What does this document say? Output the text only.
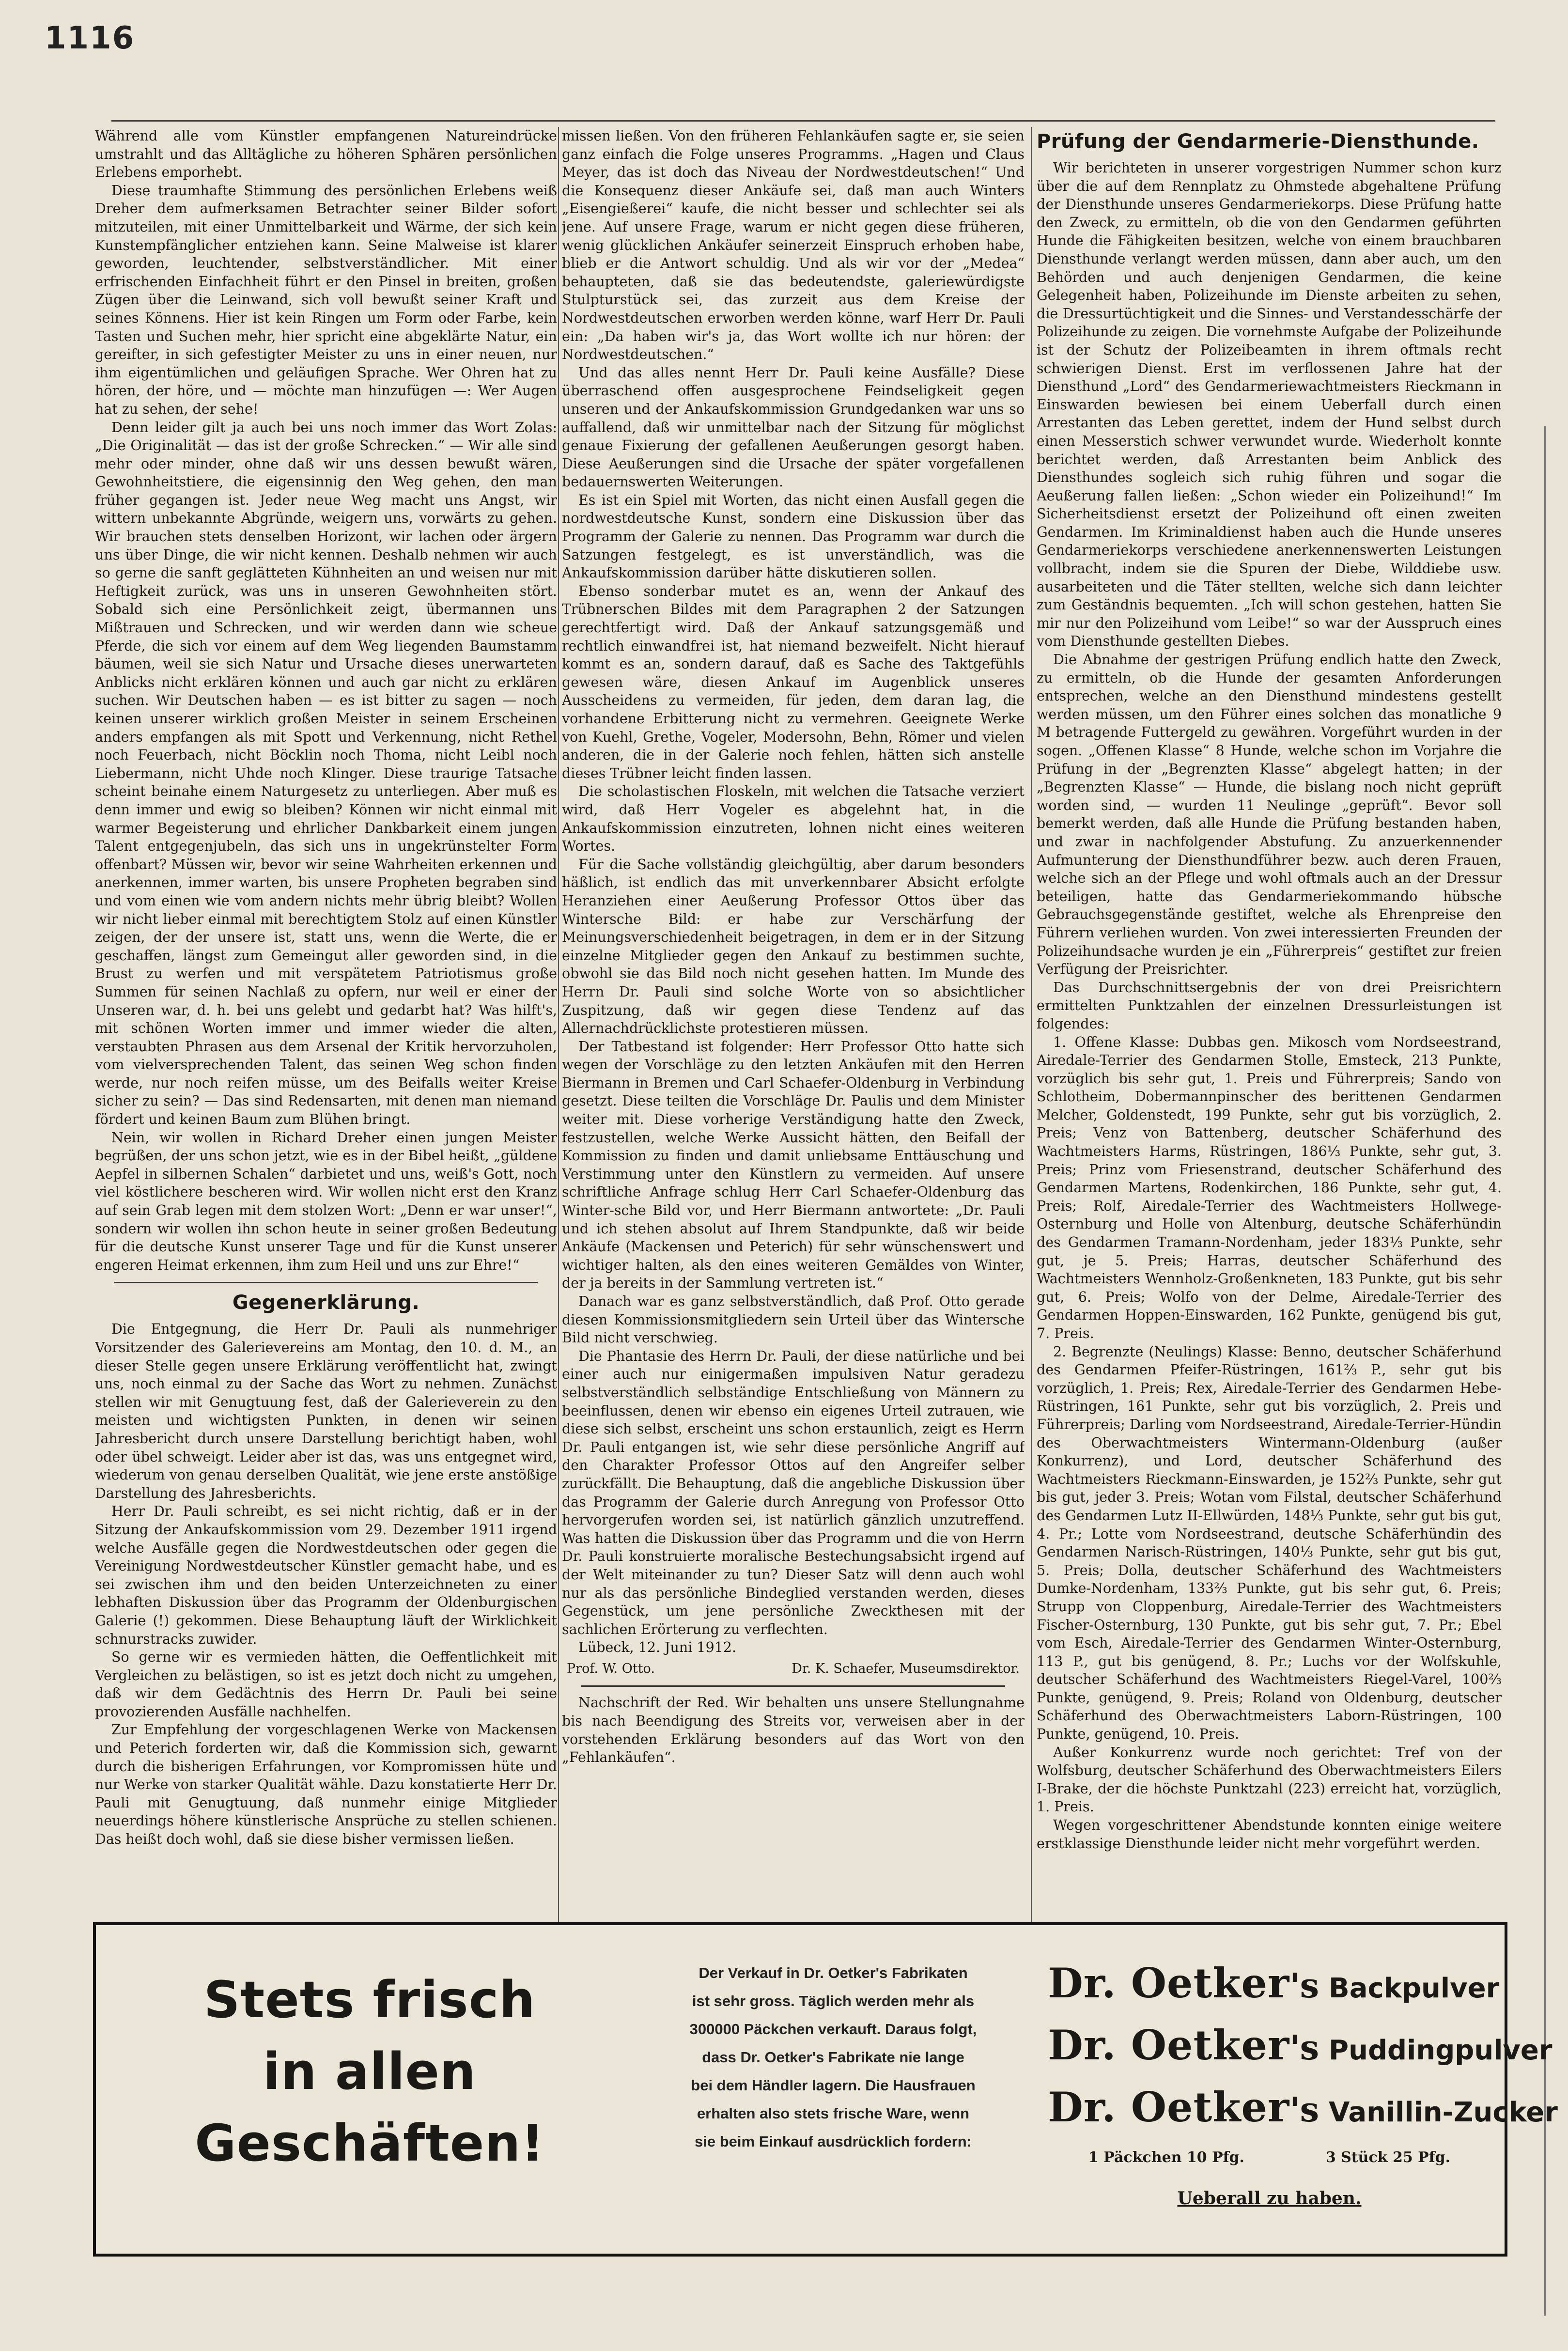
1116

Während alle vom Künstler empfangenen Natureindrücke umstrahlt und das Alltägliche zu höheren Sphären persönlichen Erlebens emporhebt.

Diese traumhafte Stimmung des persönlichen Erlebens weiß Dreher dem aufmerksamen Betrachter seiner Bilder sofort mitzuteilen, mit einer Unmittelbarkeit und Wärme, der sich kein Kunstempfänglicher entziehen kann. Seine Malweise ist klarer geworden, leuchtender, selbstverständlicher. Mit einer erfrischenden Einfachheit führt er den Pinsel in breiten, großen Zügen über die Leinwand, sich voll bewußt seiner Kraft und seines Könnens. Hier ist kein Ringen um Form oder Farbe, kein Tasten und Suchen mehr, hier spricht eine abgeklärte Natur, ein gereifter, in sich gefestigter Meister zu uns in einer neuen, nur ihm eigentümlichen und geläufigen Sprache. Wer Ohren hat zu hören, der höre, und — möchte man hinzufügen —: Wer Augen hat zu sehen, der sehe!

Denn leider gilt ja auch bei uns noch immer das Wort Zolas: „Die Originalität — das ist der große Schrecken.“ — Wir alle sind mehr oder minder, ohne daß wir uns dessen bewußt wären, Gewohnheitstiere, die eigensinnig den Weg gehen, den man früher gegangen ist. Jeder neue Weg macht uns Angst, wir wittern unbekannte Abgründe, weigern uns, vorwärts zu gehen. Wir brauchen stets denselben Horizont, wir lachen oder ärgern uns über Dinge, die wir nicht kennen. Deshalb nehmen wir auch so gerne die sanft geglätteten Kühnheiten an und weisen nur mit Heftigkeit zurück, was uns in unseren Gewohnheiten stört. Sobald sich eine Persönlichkeit zeigt, übermannen uns Mißtrauen und Schrecken, und wir werden dann wie scheue Pferde, die sich vor einem auf dem Weg liegenden Baumstamm bäumen, weil sie sich Natur und Ursache dieses unerwarteten Anblicks nicht erklären können und auch gar nicht zu erklären suchen. Wir Deutschen haben — es ist bitter zu sagen — noch keinen unserer wirklich großen Meister in seinem Erscheinen anders empfangen als mit Spott und Verkennung, nicht Rethel noch Feuerbach, nicht Böcklin noch Thoma, nicht Leibl noch Liebermann, nicht Uhde noch Klinger. Diese traurige Tatsache scheint beinahe einem Naturgesetz zu unterliegen. Aber muß es denn immer und ewig so bleiben? Können wir nicht einmal mit warmer Begeisterung und ehrlicher Dankbarkeit einem jungen Talent entgegenjubeln, das sich uns in ungekrünstelter Form offenbart? Müssen wir, bevor wir seine Wahrheiten erkennen und anerkennen, immer warten, bis unsere Propheten begraben sind und vom einen wie vom andern nichts mehr übrig bleibt? Wollen wir nicht lieber einmal mit berechtigtem Stolz auf einen Künstler zeigen, der der unsere ist, statt uns, wenn die Werte, die er geschaffen, längst zum Gemeingut aller geworden sind, in die Brust zu werfen und mit verspätetem Patriotismus große Summen für seinen Nachlaß zu opfern, nur weil er einer der Unseren war, d. h. bei uns gelebt und gedarbt hat? Was hilft's, mit schönen Worten immer und immer wieder die alten, verstaubten Phrasen aus dem Arsenal der Kritik hervorzuholen, vom vielversprechenden Talent, das seinen Weg schon finden werde, nur noch reifen müsse, um des Beifalls weiter Kreise sicher zu sein? — Das sind Redensarten, mit denen man niemand fördert und keinen Baum zum Blühen bringt.

Nein, wir wollen in Richard Dreher einen jungen Meister begrüßen, der uns schon jetzt, wie es in der Bibel heißt, „güldene Aepfel in silbernen Schalen“ darbietet und uns, weiß's Gott, noch viel köstlichere bescheren wird. Wir wollen nicht erst den Kranz auf sein Grab legen mit dem stolzen Wort: „Denn er war unser!“, sondern wir wollen ihn schon heute in seiner großen Bedeutung für die deutsche Kunst unserer Tage und für die Kunst unserer engeren Heimat erkennen, ihm zum Heil und uns zur Ehre!“

Gegenerklärung.

Die Entgegnung, die Herr Dr. Pauli als nunmehriger Vorsitzender des Galerievereins am Montag, den 10. d. M., an dieser Stelle gegen unsere Erklärung veröffentlicht hat, zwingt uns, noch einmal zu der Sache das Wort zu nehmen. Zunächst stellen wir mit Genugtuung fest, daß der Galerieverein zu den meisten und wichtigsten Punkten, in denen wir seinen Jahresbericht durch unsere Darstellung berichtigt haben, wohl oder übel schweigt. Leider aber ist das, was uns entgegnet wird, wiederum von genau derselben Qualität, wie jene erste anstößige Darstellung des Jahresberichts.

Herr Dr. Pauli schreibt, es sei nicht richtig, daß er in der Sitzung der Ankaufskommission vom 29. Dezember 1911 irgend welche Ausfälle gegen die Nordwestdeutschen oder gegen die Vereinigung Nordwestdeutscher Künstler gemacht habe, und es sei zwischen ihm und den beiden Unterzeichneten zu einer lebhaften Diskussion über das Programm der Oldenburgischen Galerie (!) gekommen. Diese Behauptung läuft der Wirklichkeit schnurstracks zuwider.

So gerne wir es vermieden hätten, die Oeffentlichkeit mit Vergleichen zu belästigen, so ist es jetzt doch nicht zu umgehen, daß wir dem Gedächtnis des Herrn Dr. Pauli bei seine provozierenden Ausfälle nachhelfen.

Zur Empfehlung der vorgeschlagenen Werke von Mackensen und Peterich forderten wir, daß die Kommission sich, gewarnt durch die bisherigen Erfahrungen, vor Kompromissen hüte und nur Werke von starker Qualität wähle. Dazu konstatierte Herr Dr. Pauli mit Genugtuung, daß nunmehr einige Mitglieder neuerdings höhere künstlerische Ansprüche zu stellen schienen. Das heißt doch wohl, daß sie diese bisher vermissen ließen.

missen ließen. Von den früheren Fehlankäufen sagte er, sie seien ganz einfach die Folge unseres Programms. „Hagen und Claus Meyer, das ist doch das Niveau der Nordwestdeutschen!“ Und die Konsequenz dieser Ankäufe sei, daß man auch Winters „Eisengießerei“ kaufe, die nicht besser und schlechter sei als jene. Auf unsere Frage, warum er nicht gegen diese früheren, wenig glücklichen Ankäufer seinerzeit Einspruch erhoben habe, blieb er die Antwort schuldig. Und als wir vor der „Medea“ behaupteten, daß sie das bedeutendste, galeriewürdigste Stulpturstück sei, das zurzeit aus dem Kreise der Nordwestdeutschen erworben werden könne, warf Herr Dr. Pauli ein: „Da haben wir's ja, das Wort wollte ich nur hören: der Nordwestdeutschen.“

Und das alles nennt Herr Dr. Pauli keine Ausfälle? Diese überraschend offen ausgesprochene Feindseligkeit gegen unseren und der Ankaufskommission Grundgedanken war uns so auffallend, daß wir unmittelbar nach der Sitzung für möglichst genaue Fixierung der gefallenen Aeußerungen gesorgt haben. Diese Aeußerungen sind die Ursache der später vorgefallenen bedauernswerten Weiterungen.

Es ist ein Spiel mit Worten, das nicht einen Ausfall gegen die nordwestdeutsche Kunst, sondern eine Diskussion über das Programm der Galerie zu nennen. Das Programm war durch die Satzungen festgelegt, es ist unverständlich, was die Ankaufskommission darüber hätte diskutieren sollen.

Ebenso sonderbar mutet es an, wenn der Ankauf des Trübnerschen Bildes mit dem Paragraphen 2 der Satzungen gerechtfertigt wird. Daß der Ankauf satzungsgemäß und rechtlich einwandfrei ist, hat niemand bezweifelt. Nicht hierauf kommt es an, sondern darauf, daß es Sache des Taktgefühls gewesen wäre, diesen Ankauf im Augenblick unseres Ausscheidens zu vermeiden, für jeden, dem daran lag, die vorhandene Erbitterung nicht zu vermehren. Geeignete Werke von Kuehl, Grethe, Vogeler, Modersohn, Behn, Römer und vielen anderen, die in der Galerie noch fehlen, hätten sich anstelle dieses Trübner leicht finden lassen.

Die scholastischen Floskeln, mit welchen die Tatsache verziert wird, daß Herr Vogeler es abgelehnt hat, in die Ankaufskommission einzutreten, lohnen nicht eines weiteren Wortes.

Für die Sache vollständig gleichgültig, aber darum besonders häßlich, ist endlich das mit unverkennbarer Absicht erfolgte Heranziehen einer Aeußerung Professor Ottos über das Wintersche Bild: er habe zur Verschärfung der Meinungsverschiedenheit beigetragen, in dem er in der Sitzung einzelne Mitglieder gegen den Ankauf zu bestimmen suchte, obwohl sie das Bild noch nicht gesehen hatten. Im Munde des Herrn Dr. Pauli sind solche Worte von so absichtlicher Zuspitzung, daß wir gegen diese Tendenz auf das Allernachdrücklichste protestieren müssen.

Der Tatbestand ist folgender: Herr Professor Otto hatte sich wegen der Vorschläge zu den letzten Ankäufen mit den Herren Biermann in Bremen und Carl Schaefer-Oldenburg in Verbindung gesetzt. Diese teilten die Vorschläge Dr. Paulis und dem Minister weiter mit. Diese vorherige Verständigung hatte den Zweck, festzustellen, welche Werke Aussicht hätten, den Beifall der Kommission zu finden und damit unliebsame Enttäuschung und Verstimmung unter den Künstlern zu vermeiden. Auf unsere schriftliche Anfrage schlug Herr Carl Schaefer-Oldenburg das Winter-sche Bild vor, und Herr Biermann antwortete: „Dr. Pauli und ich stehen absolut auf Ihrem Standpunkte, daß wir beide Ankäufe (Mackensen und Peterich) für sehr wünschenswert und wichtiger halten, als den eines weiteren Gemäldes von Winter, der ja bereits in der Sammlung vertreten ist.“

Danach war es ganz selbstverständlich, daß Prof. Otto gerade diesen Kommissionsmitgliedern sein Urteil über das Wintersche Bild nicht verschwieg.

Die Phantasie des Herrn Dr. Pauli, der diese natürliche und bei einer auch nur einigermaßen impulsiven Natur geradezu selbstverständlich selbständige Entschließung von Männern zu beeinflussen, denen wir ebenso ein eigenes Urteil zutrauen, wie diese sich selbst, erscheint uns schon erstaunlich, zeigt es Herrn Dr. Pauli entgangen ist, wie sehr diese persönliche Angriff auf den Charakter Professor Ottos auf den Angreifer selber zurückfällt. Die Behauptung, daß die angebliche Diskussion über das Programm der Galerie durch Anregung von Professor Otto hervorgerufen worden sei, ist natürlich gänzlich unzutreffend. Was hatten die Diskussion über das Programm und die von Herrn Dr. Pauli konstruierte moralische Bestechungsabsicht irgend auf der Welt miteinander zu tun? Dieser Satz will denn auch wohl nur als das persönliche Bindeglied verstanden werden, dieses Gegenstück, um jene persönliche Zweckthesen mit der sachlichen Erörterung zu verflechten.

Lübeck, 12. Juni 1912.

Prof. W. Otto.	Dr. K. Schaefer, Museumsdirektor.

Nachschrift der Red. Wir behalten uns unsere Stellungnahme bis nach Beendigung des Streits vor, verweisen aber in der vorstehenden Erklärung besonders auf das Wort von den „Fehlankäufen“.

Prüfung der Gendarmerie-Diensthunde.

Wir berichteten in unserer vorgestrigen Nummer schon kurz über die auf dem Rennplatz zu Ohmstede abgehaltene Prüfung der Diensthunde unseres Gendarmeriekorps. Diese Prüfung hatte den Zweck, zu ermitteln, ob die von den Gendarmen geführten Hunde die Fähigkeiten besitzen, welche von einem brauchbaren Diensthunde verlangt werden müssen, dann aber auch, um den Behörden und auch denjenigen Gendarmen, die keine Gelegenheit haben, Polizeihunde im Dienste arbeiten zu sehen, die Dressurtüchtigkeit und die Sinnes- und Verstandesschärfe der Polizeihunde zu zeigen. Die vornehmste Aufgabe der Polizeihunde ist der Schutz der Polizeibeamten in ihrem oftmals recht schwierigen Dienst. Erst im verflossenen Jahre hat der Diensthund „Lord“ des Gendarmeriewachtmeisters Rieckmann in Einswarden bewiesen bei einem Ueberfall durch einen Arrestanten das Leben gerettet, indem der Hund selbst durch einen Messerstich schwer verwundet wurde. Wiederholt konnte berichtet werden, daß Arrestanten beim Anblick des Diensthundes sogleich sich ruhig führen und sogar die Aeußerung fallen ließen: „Schon wieder ein Polizeihund!“ Im Sicherheitsdienst ersetzt der Polizeihund oft einen zweiten Gendarmen. Im Kriminaldienst haben auch die Hunde unseres Gendarmeriekorps verschiedene anerkennenswerten Leistungen vollbracht, indem sie die Spuren der Diebe, Wilddiebe usw. ausarbeiteten und die Täter stellten, welche sich dann leichter zum Geständnis bequemten. „Ich will schon gestehen, hatten Sie mir nur den Polizeihund vom Leibe!“ so war der Ausspruch eines vom Diensthunde gestellten Diebes.

Die Abnahme der gestrigen Prüfung endlich hatte den Zweck, zu ermitteln, ob die Hunde der gesamten Anforderungen entsprechen, welche an den Diensthund mindestens gestellt werden müssen, um den Führer eines solchen das monatliche 9 M betragende Futtergeld zu gewähren. Vorgeführt wurden in der sogen. „Offenen Klasse“ 8 Hunde, welche schon im Vorjahre die Prüfung in der „Begrenzten Klasse“ abgelegt hatten; in der „Begrenzten Klasse“ — Hunde, die bislang noch nicht geprüft worden sind, — wurden 11 Neulinge „geprüft“. Bevor soll bemerkt werden, daß alle Hunde die Prüfung bestanden haben, und zwar in nachfolgender Abstufung. Zu anzuerkennender Aufmunterung der Diensthundführer bezw. auch deren Frauen, welche sich an der Pflege und wohl oftmals auch an der Dressur beteiligen, hatte das Gendarmeriekommando hübsche Gebrauchsgegenstände gestiftet, welche als Ehrenpreise den Führern verliehen wurden. Von zwei interessierten Freunden der Polizeihundsache wurden je ein „Führerpreis“ gestiftet zur freien Verfügung der Preisrichter.

Das Durchschnittsergebnis der von drei Preisrichtern ermittelten Punktzahlen der einzelnen Dressurleistungen ist folgendes:

1. Offene Klasse: Dubbas gen. Mikosch vom Nordseestrand, Airedale-Terrier des Gendarmen Stolle, Emsteck, 213 Punkte, vorzüglich bis sehr gut, 1. Preis und Führerpreis; Sando von Schlotheim, Dobermannpinscher des berittenen Gendarmen Melcher, Goldenstedt, 199 Punkte, sehr gut bis vorzüglich, 2. Preis; Venz von Battenberg, deutscher Schäferhund des Wachtmeisters Harms, Rüstringen, 186⅓ Punkte, sehr gut, 3. Preis; Prinz vom Friesenstrand, deutscher Schäferhund des Gendarmen Martens, Rodenkirchen, 186 Punkte, sehr gut, 4. Preis; Rolf, Airedale-Terrier des Wachtmeisters Hollwege-Osternburg und Holle von Altenburg, deutsche Schäferhündin des Gendarmen Tramann-Nordenham, jeder 183⅓ Punkte, sehr gut, je 5. Preis; Harras, deutscher Schäferhund des Wachtmeisters Wennholz-Großenkneten, 183 Punkte, gut bis sehr gut, 6. Preis; Wolfo von der Delme, Airedale-Terrier des Gendarmen Hoppen-Einswarden, 162 Punkte, genügend bis gut, 7. Preis.

2. Begrenzte (Neulings) Klasse: Benno, deutscher Schäferhund des Gendarmen Pfeifer-Rüstringen, 161⅔ P., sehr gut bis vorzüglich, 1. Preis; Rex, Airedale-Terrier des Gendarmen Hebe-Rüstringen, 161 Punkte, sehr gut bis vorzüglich, 2. Preis und Führerpreis; Darling vom Nordseestrand, Airedale-Terrier-Hündin des Oberwachtmeisters Wintermann-Oldenburg (außer Konkurrenz), und Lord, deutscher Schäferhund des Wachtmeisters Rieckmann-Einswarden, je 152⅔ Punkte, sehr gut bis gut, jeder 3. Preis; Wotan vom Filstal, deutscher Schäferhund des Gendarmen Lutz II-Ellwürden, 148⅓ Punkte, sehr gut bis gut, 4. Pr.; Lotte vom Nordseestrand, deutsche Schäferhündin des Gendarmen Narisch-Rüstringen, 140⅓ Punkte, sehr gut bis gut, 5. Preis; Dolla, deutscher Schäferhund des Wachtmeisters Dumke-Nordenham, 133⅔ Punkte, gut bis sehr gut, 6. Preis; Strupp von Cloppenburg, Airedale-Terrier des Wachtmeisters Fischer-Osternburg, 130 Punkte, gut bis sehr gut, 7. Pr.; Ebel vom Esch, Airedale-Terrier des Gendarmen Winter-Osternburg, 113 P., gut bis genügend, 8. Pr.; Luchs vor der Wolfskuhle, deutscher Schäferhund des Wachtmeisters Riegel-Varel, 100⅔ Punkte, genügend, 9. Preis; Roland von Oldenburg, deutscher Schäferhund des Oberwachtmeisters Laborn-Rüstringen, 100 Punkte, genügend, 10. Preis.

Außer Konkurrenz wurde noch gerichtet: Tref von der Wolfsburg, deutscher Schäferhund des Oberwachtmeisters Eilers I-Brake, der die höchste Punktzahl (223) erreicht hat, vorzüglich, 1. Preis.

Wegen vorgeschrittener Abendstunde konnten einige weitere erstklassige Diensthunde leider nicht mehr vorgeführt werden.

Stets frisch
in allen
Geschäften!
Der Verkauf in Dr. Oetker's Fabrikaten
ist sehr gross. Täglich werden mehr als
300000 Päckchen verkauft. Daraus folgt,
dass Dr. Oetker's Fabrikate nie lange
bei dem Händler lagern. Die Hausfrauen
erhalten also stets frische Ware, wenn
sie beim Einkauf ausdrücklich fordern:
Dr. Oetker 's Backpulver
Dr. Oetker 's Puddingpulver
Dr. Oetker 's Vanillin-Zucker
1 Päckchen 10 Pfg.	3 Stück 25 Pfg.
Ueberall zu haben.
